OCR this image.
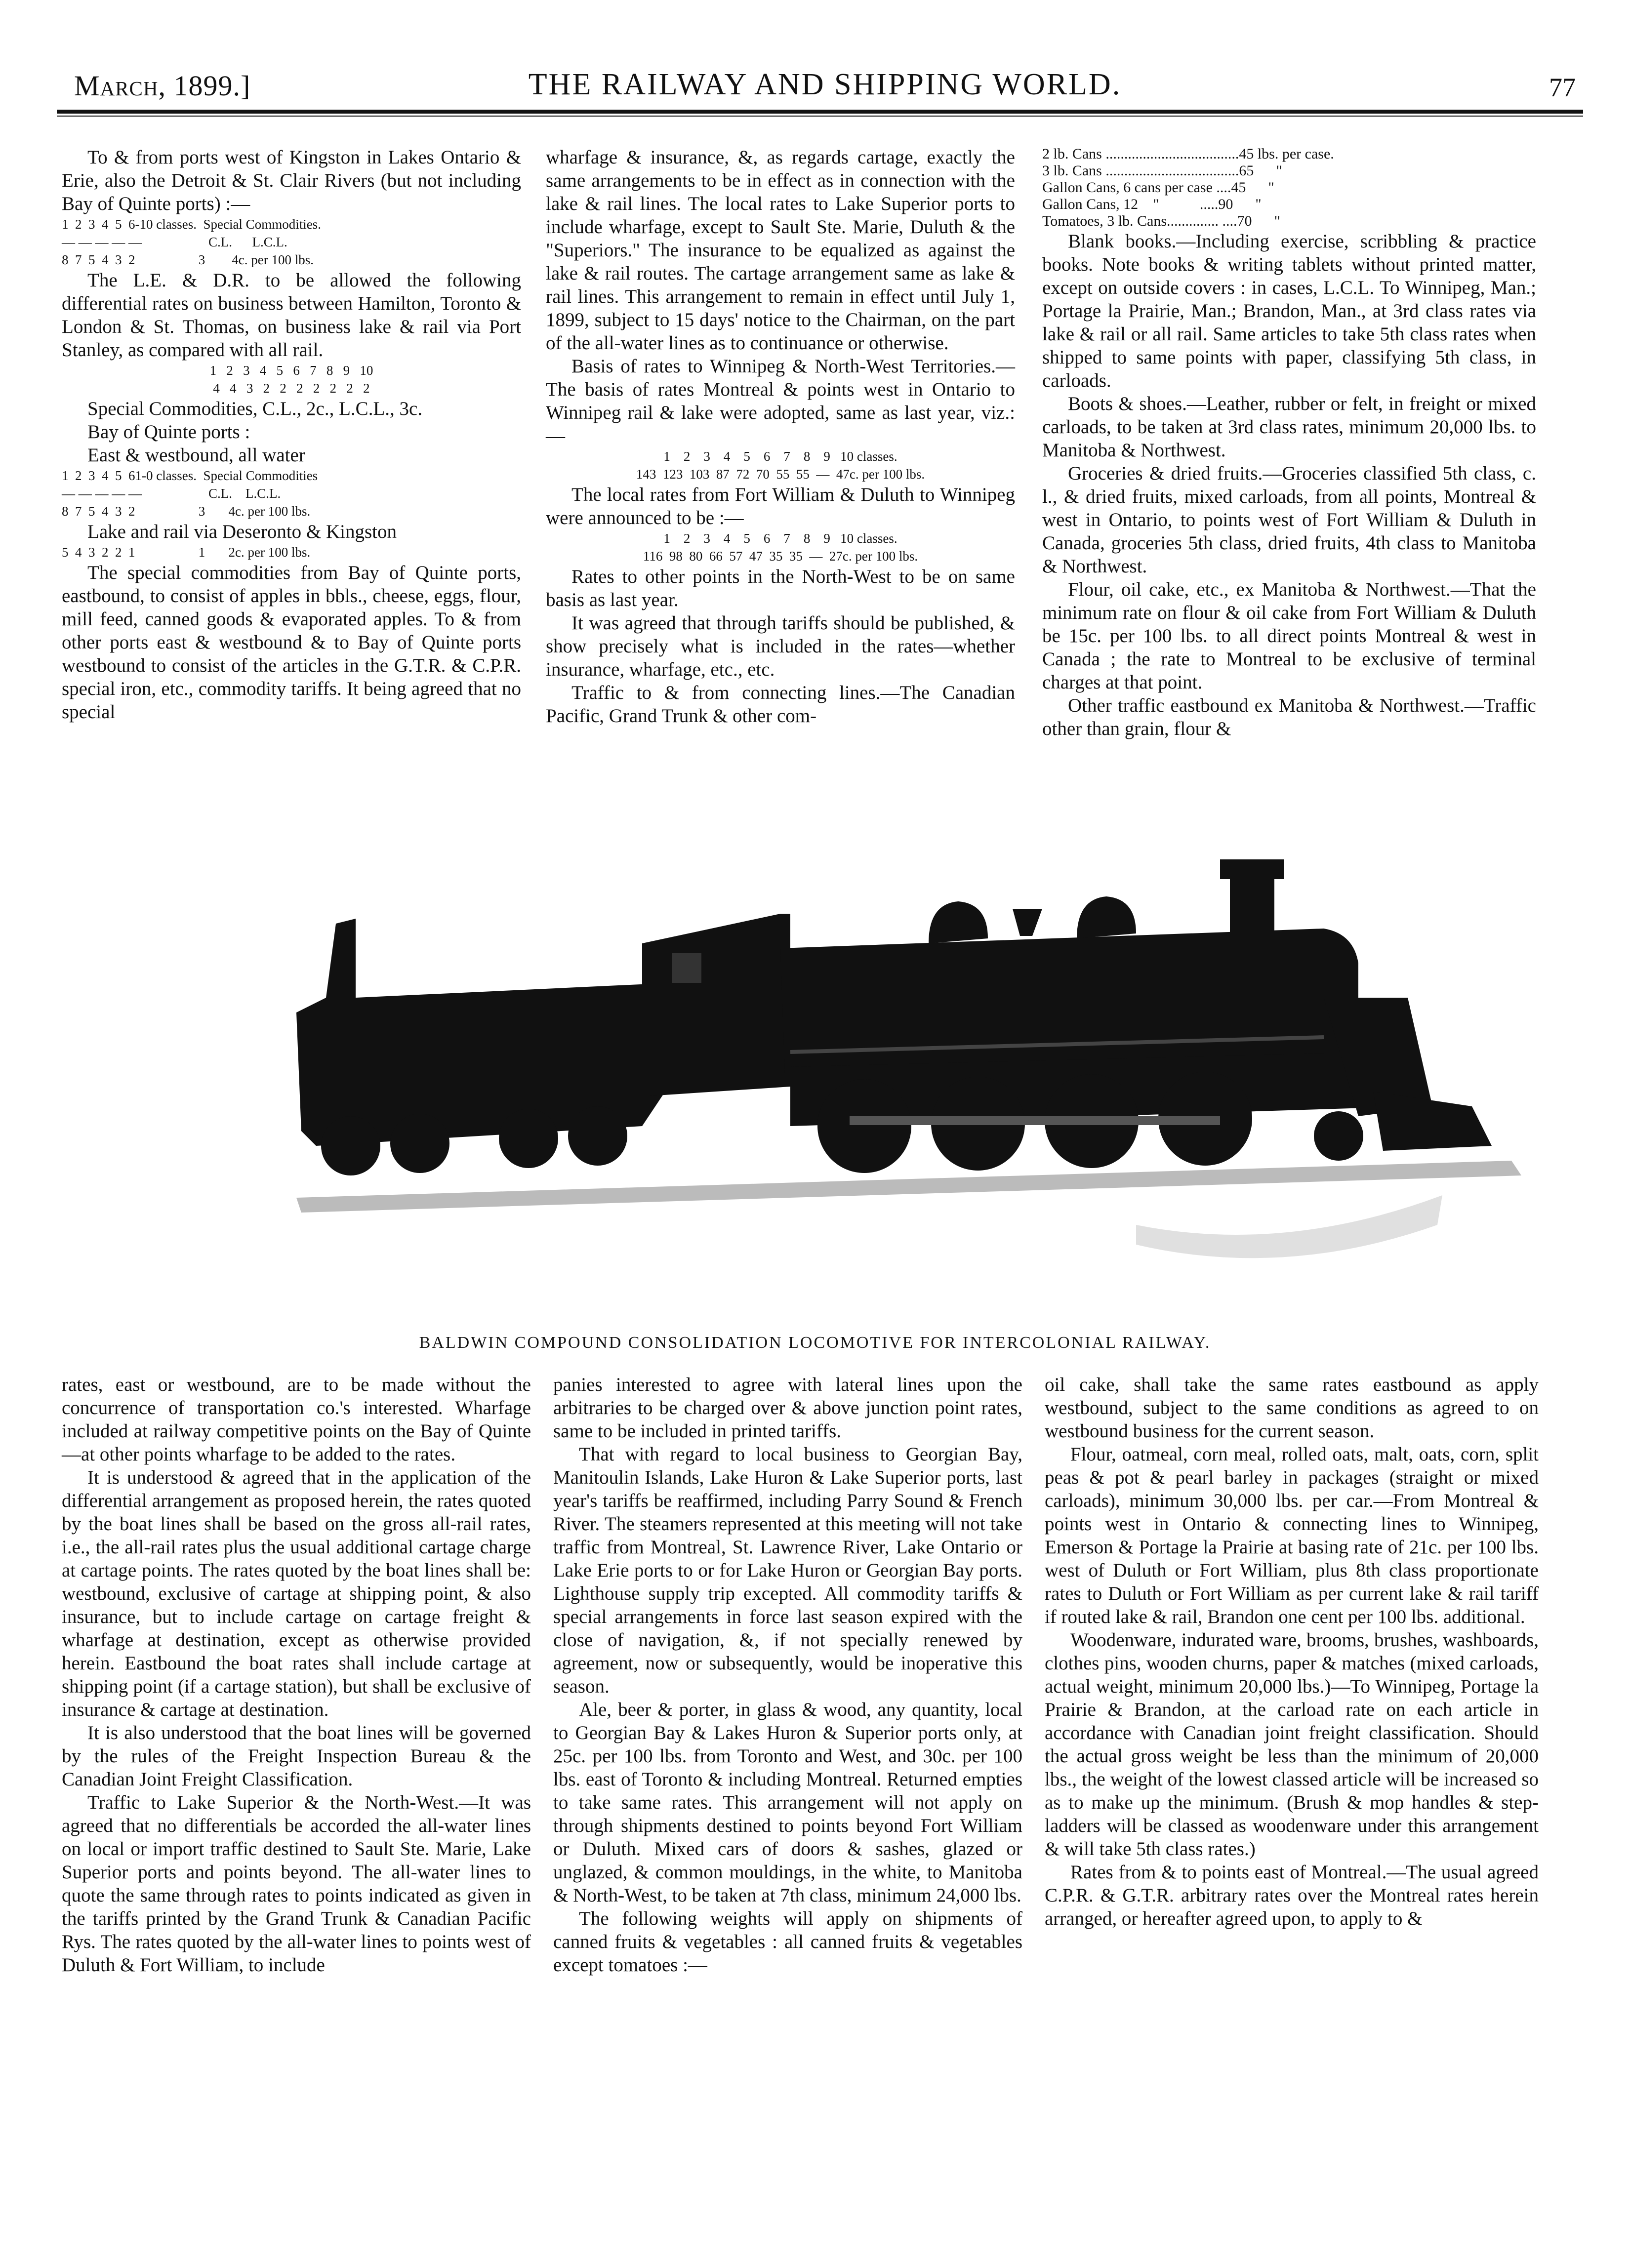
March, 1899.]	THE RAILWAY AND SHIPPING WORLD.	77

To & from ports west of Kingston in Lakes Ontario & Erie, also the Detroit & St. Clair Rivers (but not including Bay of Quinte ports) :—

1  2  3  4  5  6-10 classes.  Special Commodities.
— — — — —                    C.L.      L.C.L.
8  7  5  4  3  2                   3        4c. per 100 lbs.

The L.E. & D.R. to be allowed the following differential rates on business between Hamilton, Toronto & London & St. Thomas, on business lake & rail via Port Stanley, as compared with all rail.

1   2   3   4   5   6   7   8   9   10
4   4   3   2   2   2   2   2   2   2

Special Commodities, C.L., 2c., L.C.L., 3c.

Bay of Quinte ports :

East & westbound, all water

1  2  3  4  5  61-0 classes.  Special Commodities
— — — — —                    C.L.    L.C.L.
8  7  5  4  3  2                   3       4c. per 100 lbs.

Lake and rail via Deseronto & Kingston

5  4  3  2  2  1                   1       2c. per 100 lbs.

The special commodities from Bay of Quinte ports, eastbound, to consist of apples in bbls., cheese, eggs, flour, mill feed, canned goods & evaporated apples. To & from other ports east & westbound & to Bay of Quinte ports westbound to consist of the articles in the G.T.R. & C.P.R. special iron, etc., commodity tariffs. It being agreed that no special

wharfage & insurance, &, as regards cartage, exactly the same arrangements to be in effect as in connection with the lake & rail lines. The local rates to Lake Superior ports to include wharfage, except to Sault Ste. Marie, Duluth & the "Superiors." The insurance to be equalized as against the lake & rail routes. The cartage arrangement same as lake & rail lines. This arrangement to remain in effect until July 1, 1899, subject to 15 days' notice to the Chairman, on the part of the all-water lines as to continuance or otherwise.

Basis of rates to Winnipeg & North-West Territories.—The basis of rates Montreal & points west in Ontario to Winnipeg rail & lake were adopted, same as last year, viz.:—

1    2    3    4    5    6    7    8    9   10 classes.
143  123  103  87  72  70  55  55  —  47c. per 100 lbs.

The local rates from Fort William & Duluth to Winnipeg were announced to be :—

1    2    3    4    5    6    7    8    9   10 classes.
116  98  80  66  57  47  35  35  —  27c. per 100 lbs.

Rates to other points in the North-West to be on same basis as last year.

It was agreed that through tariffs should be published, & show precisely what is included in the rates—whether insurance, wharfage, etc., etc.

Traffic to & from connecting lines.—The Canadian Pacific, Grand Trunk & other com-

2 lb. Cans ....................................45 lbs. per case.
3 lb. Cans ....................................65      "
Gallon Cans, 6 cans per case ....45      "
Gallon Cans, 12    "           .....90      "
Tomatoes, 3 lb. Cans.............. ....70      "

Blank books.—Including exercise, scribbling & practice books. Note books & writing tablets without printed matter, except on outside covers : in cases, L.C.L. To Winnipeg, Man.; Portage la Prairie, Man.; Brandon, Man., at 3rd class rates via lake & rail or all rail. Same articles to take 5th class rates when shipped to same points with paper, classifying 5th class, in carloads.

Boots & shoes.—Leather, rubber or felt, in freight or mixed carloads, to be taken at 3rd class rates, minimum 20,000 lbs. to Manitoba & Northwest.

Groceries & dried fruits.—Groceries classified 5th class, c. l., & dried fruits, mixed carloads, from all points, Montreal & west in Ontario, to points west of Fort William & Duluth in Canada, groceries 5th class, dried fruits, 4th class to Manitoba & Northwest.

Flour, oil cake, etc., ex Manitoba & Northwest.—That the minimum rate on flour & oil cake from Fort William & Duluth be 15c. per 100 lbs. to all direct points Montreal & west in Canada ; the rate to Montreal to be exclusive of terminal charges at that point.

Other traffic eastbound ex Manitoba & Northwest.—Traffic other than grain, flour &

BALDWIN COMPOUND CONSOLIDATION LOCOMOTIVE FOR INTERCOLONIAL RAILWAY.

rates, east or westbound, are to be made without the concurrence of transportation co.'s interested. Wharfage included at railway competitive points on the Bay of Quinte—at other points wharfage to be added to the rates.

It is understood & agreed that in the application of the differential arrangement as proposed herein, the rates quoted by the boat lines shall be based on the gross all-rail rates, i.e., the all-rail rates plus the usual additional cartage charge at cartage points. The rates quoted by the boat lines shall be: westbound, exclusive of cartage at shipping point, & also insurance, but to include cartage on cartage freight & wharfage at destination, except as otherwise provided herein. Eastbound the boat rates shall include cartage at shipping point (if a cartage station), but shall be exclusive of insurance & cartage at destination.

It is also understood that the boat lines will be governed by the rules of the Freight Inspection Bureau & the Canadian Joint Freight Classification.

Traffic to Lake Superior & the North-West.—It was agreed that no differentials be accorded the all-water lines on local or import traffic destined to Sault Ste. Marie, Lake Superior ports and points beyond. The all-water lines to quote the same through rates to points indicated as given in the tariffs printed by the Grand Trunk & Canadian Pacific Rys. The rates quoted by the all-water lines to points west of Duluth & Fort William, to include

panies interested to agree with lateral lines upon the arbitraries to be charged over & above junction point rates, same to be included in printed tariffs.

That with regard to local business to Georgian Bay, Manitoulin Islands, Lake Huron & Lake Superior ports, last year's tariffs be reaffirmed, including Parry Sound & French River. The steamers represented at this meeting will not take traffic from Montreal, St. Lawrence River, Lake Ontario or Lake Erie ports to or for Lake Huron or Georgian Bay ports. Lighthouse supply trip excepted. All commodity tariffs & special arrangements in force last season expired with the close of navigation, &, if not specially renewed by agreement, now or subsequently, would be inoperative this season.

Ale, beer & porter, in glass & wood, any quantity, local to Georgian Bay & Lakes Huron & Superior ports only, at 25c. per 100 lbs. from Toronto and West, and 30c. per 100 lbs. east of Toronto & including Montreal. Returned empties to take same rates. This arrangement will not apply on through shipments destined to points beyond Fort William or Duluth. Mixed cars of doors & sashes, glazed or unglazed, & common mouldings, in the white, to Manitoba & North-West, to be taken at 7th class, minimum 24,000 lbs.

The following weights will apply on shipments of canned fruits & vegetables : all canned fruits & vegetables except tomatoes :—

oil cake, shall take the same rates eastbound as apply westbound, subject to the same conditions as agreed to on westbound business for the current season.

Flour, oatmeal, corn meal, rolled oats, malt, oats, corn, split peas & pot & pearl barley in packages (straight or mixed carloads), minimum 30,000 lbs. per car.—From Montreal & points west in Ontario & connecting lines to Winnipeg, Emerson & Portage la Prairie at basing rate of 21c. per 100 lbs. west of Duluth or Fort William, plus 8th class proportionate rates to Duluth or Fort William as per current lake & rail tariff if routed lake & rail, Brandon one cent per 100 lbs. additional.

Woodenware, indurated ware, brooms, brushes, washboards, clothes pins, wooden churns, paper & matches (mixed carloads, actual weight, minimum 20,000 lbs.)—To Winnipeg, Portage la Prairie & Brandon, at the carload rate on each article in accordance with Canadian joint freight classification. Should the actual gross weight be less than the minimum of 20,000 lbs., the weight of the lowest classed article will be increased so as to make up the minimum. (Brush & mop handles & step-ladders will be classed as woodenware under this arrangement & will take 5th class rates.)

Rates from & to points east of Montreal.—The usual agreed C.P.R. & G.T.R. arbitrary rates over the Montreal rates herein arranged, or hereafter agreed upon, to apply to &
